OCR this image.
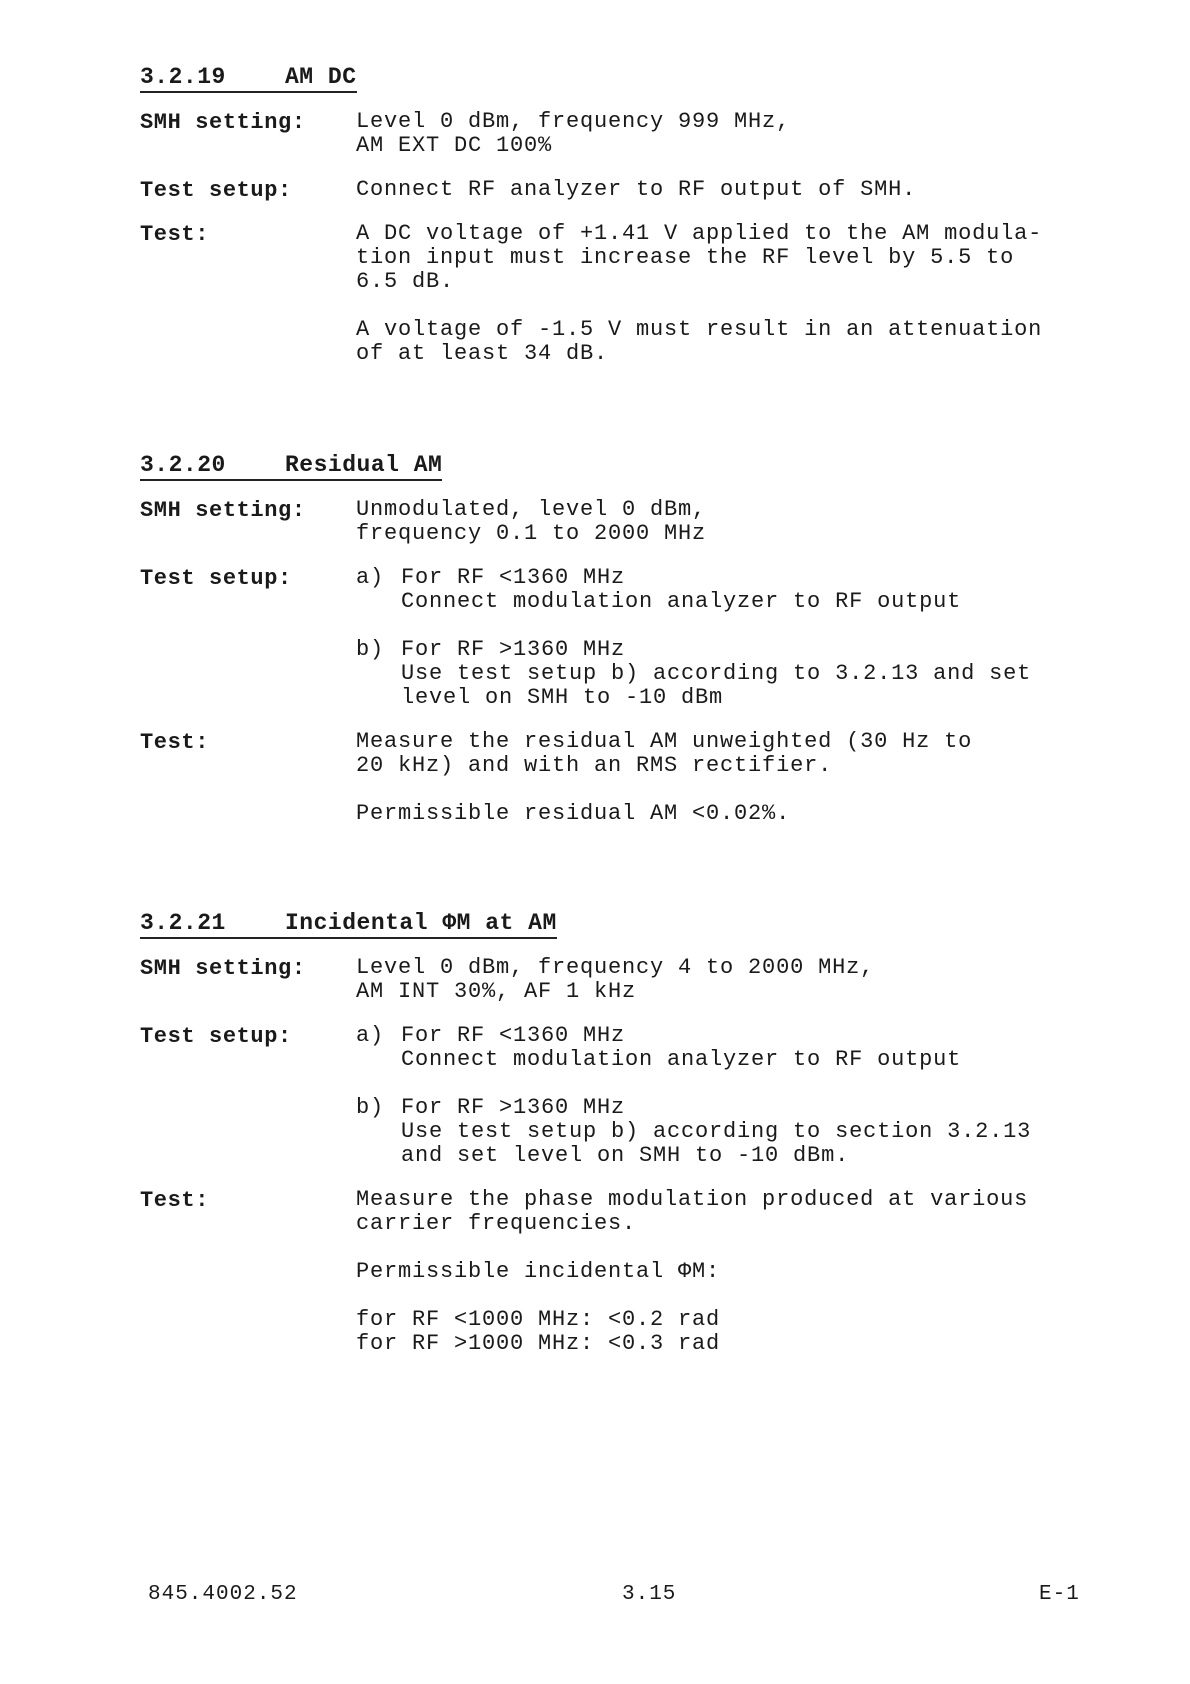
3.2.19	AM DC
SMH setting: Level 0 dBm, frequency 999 MHz,
AM EXT DC 100%

Test setup:	Connect RF analyzer to RF output of SMH.

Test:	A DC voltage of +1.41 V applied to the AM modula-
tion input must increase the RF level by 5.5 to
6.5 dB.

A voltage of -1.5 V must result in an attenuation
of at least 34 dB.

3.2.20	Residual AM
SMH setting: Unmodulated, level 0 dBm,
frequency 0.1 to 2000 MHz

Test setup:	a) For RF <1360 MHz
Connect modulation analyzer to RF output
b) For RF >1360 MHz
Use test setup b) according to 3.2.13 and set
level on SMH to -10 dBm
Test:	Measure the residual AM unweighted (30 Hz to
20 kHz) and with an RMS rectifier.

Permissible residual AM <0.02%.

3.2.21	Incidental ΦM at AM
SMH setting: Level 0 dBm, frequency 4 to 2000 MHz,
AM INT 30%, AF 1 kHz

Test setup:	a) For RF <1360 MHz
Connect modulation analyzer to RF output
b) For RF >1360 MHz
Use test setup b) according to section 3.2.13
and set level on SMH to -10 dBm.
Test:	Measure the phase modulation produced at various
carrier frequencies.

Permissible incidental ΦM:

for RF <1000 MHz: <0.2 rad
for RF >1000 MHz: <0.3 rad

845.4002.52	3.15	E-1
